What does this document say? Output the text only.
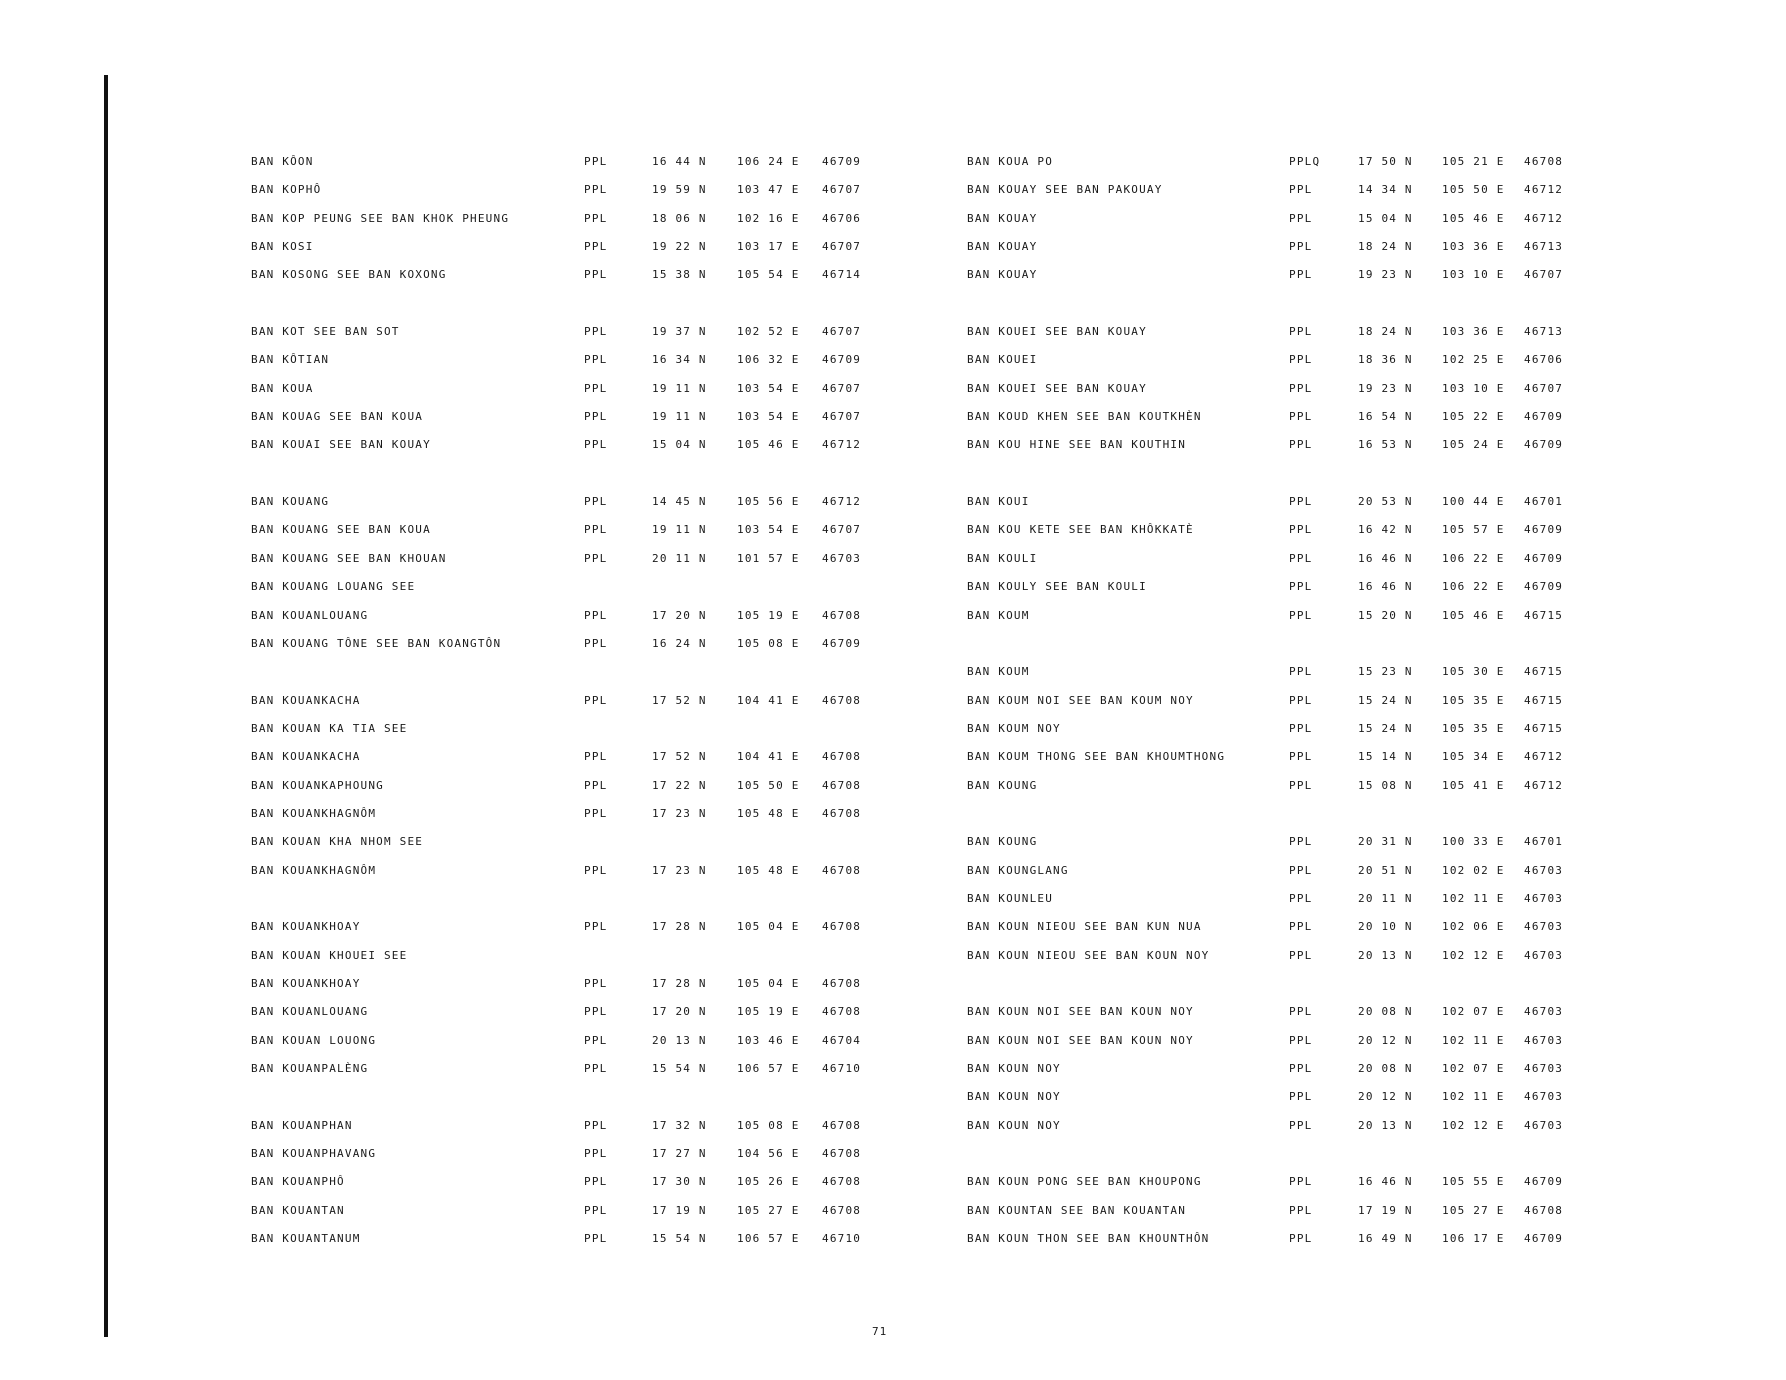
BAN KÔON	PPL	16 44 N	106 24 E 46709
BAN KOPHÔ	PPL	19 59 N	103 47 E 46707
BAN KOP PEUNG SEE BAN KHOK PHEUNG	PPL	18 06 N	102 16 E 46706
BAN KOSI	PPL	19 22 N	103 17 E 46707
BAN KOSONG SEE BAN KOXONG	PPL	15 38 N	105 54 E 46714
BAN KOT SEE BAN SOT	PPL	19 37 N	102 52 E 46707
BAN KÔTIAN	PPL	16 34 N	106 32 E 46709
BAN KOUA	PPL	19 11 N	103 54 E 46707
BAN KOUAG SEE BAN KOUA	PPL	19 11 N	103 54 E 46707
BAN KOUAI SEE BAN KOUAY	PPL	15 04 N	105 46 E 46712
BAN KOUANG	PPL	14 45 N	105 56 E 46712
BAN KOUANG SEE BAN KOUA	PPL	19 11 N	103 54 E 46707
BAN KOUANG SEE BAN KHOUAN	PPL	20 11 N	101 57 E 46703
BAN KOUANG LOUANG SEE
BAN KOUANLOUANG	PPL	17 20 N	105 19 E 46708
BAN KOUANG TÔNE SEE BAN KOANGTÔN	PPL	16 24 N	105 08 E 46709
BAN KOUANKACHA	PPL	17 52 N	104 41 E 46708
BAN KOUAN KA TIA SEE
BAN KOUANKACHA	PPL	17 52 N	104 41 E 46708
BAN KOUANKAPHOUNG	PPL	17 22 N	105 50 E 46708
BAN KOUANKHAGNÔM	PPL	17 23 N	105 48 E 46708
BAN KOUAN KHA NHOM SEE
BAN KOUANKHAGNÔM	PPL	17 23 N	105 48 E 46708
BAN KOUANKHOAY	PPL	17 28 N	105 04 E 46708
BAN KOUAN KHOUEI SEE
BAN KOUANKHOAY	PPL	17 28 N	105 04 E 46708
BAN KOUANLOUANG	PPL	17 20 N	105 19 E 46708
BAN KOUAN LOUONG	PPL	20 13 N	103 46 E 46704
BAN KOUANPALÈNG	PPL	15 54 N	106 57 E 46710
BAN KOUANPHAN	PPL	17 32 N	105 08 E 46708
BAN KOUANPHAVANG	PPL	17 27 N	104 56 E 46708
BAN KOUANPHÔ	PPL	17 30 N	105 26 E 46708
BAN KOUANTAN	PPL	17 19 N	105 27 E 46708
BAN KOUANTANUM	PPL	15 54 N	106 57 E 46710
BAN KOUA PO	PPLQ	17 50 N	105 21 E 46708
BAN KOUAY SEE BAN PAKOUAY	PPL	14 34 N	105 50 E 46712
BAN KOUAY	PPL	15 04 N	105 46 E 46712
BAN KOUAY	PPL	18 24 N	103 36 E 46713
BAN KOUAY	PPL	19 23 N	103 10 E 46707
BAN KOUEI SEE BAN KOUAY	PPL	18 24 N	103 36 E 46713
BAN KOUEI	PPL	18 36 N	102 25 E 46706
BAN KOUEI SEE BAN KOUAY	PPL	19 23 N	103 10 E 46707
BAN KOUD KHEN SEE BAN KOUTKHÈN	PPL	16 54 N	105 22 E 46709
BAN KOU HINE SEE BAN KOUTHIN	PPL	16 53 N	105 24 E 46709
BAN KOUI	PPL	20 53 N	100 44 E 46701
BAN KOU KETE SEE BAN KHÔKKATÈ	PPL	16 42 N	105 57 E 46709
BAN KOULI	PPL	16 46 N	106 22 E 46709
BAN KOULY SEE BAN KOULI	PPL	16 46 N	106 22 E 46709
BAN KOUM	PPL	15 20 N	105 46 E 46715
BAN KOUM	PPL	15 23 N	105 30 E 46715
BAN KOUM NOI SEE BAN KOUM NOY	PPL	15 24 N	105 35 E 46715
BAN KOUM NOY	PPL	15 24 N	105 35 E 46715
BAN KOUM THONG SEE BAN KHOUMTHONG	PPL	15 14 N	105 34 E 46712
BAN KOUNG	PPL	15 08 N	105 41 E 46712
BAN KOUNG	PPL	20 31 N	100 33 E 46701
BAN KOUNGLANG	PPL	20 51 N	102 02 E 46703
BAN KOUNLEU	PPL	20 11 N	102 11 E 46703
BAN KOUN NIEOU SEE BAN KUN NUA	PPL	20 10 N	102 06 E 46703
BAN KOUN NIEOU SEE BAN KOUN NOY	PPL	20 13 N	102 12 E 46703
BAN KOUN NOI SEE BAN KOUN NOY	PPL	20 08 N	102 07 E 46703
BAN KOUN NOI SEE BAN KOUN NOY	PPL	20 12 N	102 11 E 46703
BAN KOUN NOY	PPL	20 08 N	102 07 E 46703
BAN KOUN NOY	PPL	20 12 N	102 11 E 46703
BAN KOUN NOY	PPL	20 13 N	102 12 E 46703
BAN KOUN PONG SEE BAN KHOUPONG	PPL	16 46 N	105 55 E 46709
BAN KOUNTAN SEE BAN KOUANTAN	PPL	17 19 N	105 27 E 46708
BAN KOUN THON SEE BAN KHOUNTHÔN	PPL	16 49 N	106 17 E 46709
71
